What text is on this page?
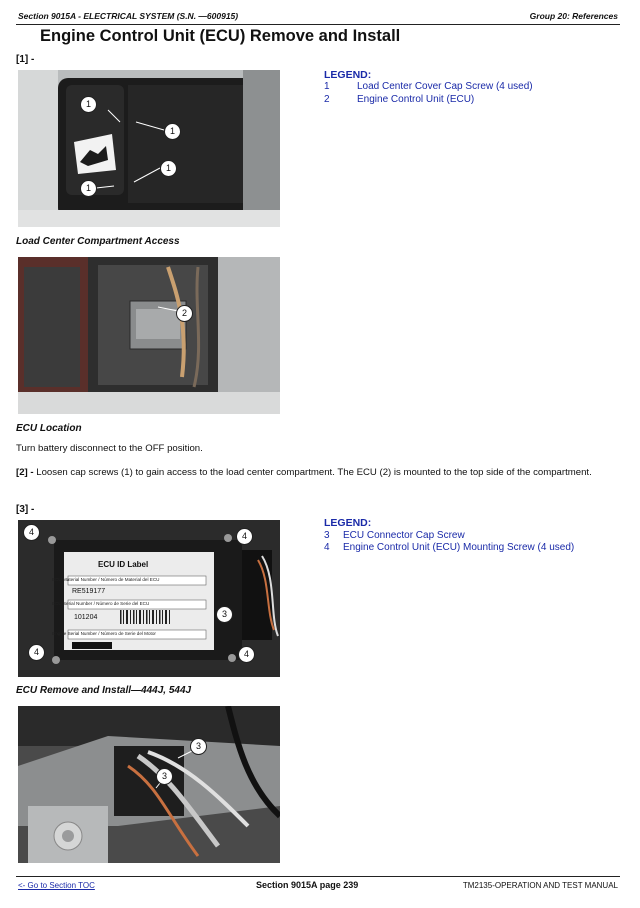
Section 9015A - ELECTRICAL SYSTEM (S.N. —600915)	Group 20: References
Engine Control Unit (ECU) Remove and Install
[1] -
1
1
1
1
LEGEND:
1	Load Center Cover Cap Screw (4 used)
2	Engine Control Unit (ECU)
Load Center Compartment Access
2
ECU Location
Turn battery disconnect to the OFF position.
[2] - Loosen cap screws (1) to gain access to the load center compartment. The ECU (2) is mounted to the top side of the compartment.
[3] -
ECU ID Label
ECU Material Number / Número de Material del ECU
RE519177
ECU Serial Number / Número de Serie del ECU
101204
Engine Serial Number / Número de Serie del Motor
4	4
4	4
3
LEGEND:
3 ECU Connector Cap Screw
4 Engine Control Unit (ECU) Mounting Screw (4 used)
ECU Remove and Install—444J, 544J
3
3
<- Go to Section TOC	Section 9015A page 239	TM2135-OPERATION AND TEST MANUAL
